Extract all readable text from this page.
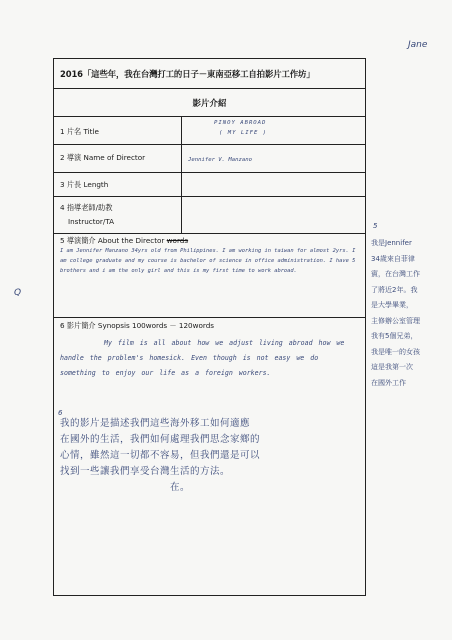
Jane
Q
2016「這些年，我在台灣打工的日子－東南亞移工自拍影片工作坊」
影片介紹
1 片名 Title
PINOY ABROAD
( MY LIFE )
2 導演 Name of Director	Jennifer V. Manzano
3 片長 Length
4 指導老師/助教
Instructor/TA
5 導演簡介 About the Director words
I am Jennifer Manzano 34yrs old from Philippines. I am working in taiwan for almost 2yrs. I am college graduate and my course is bachelor of science in office administration. I have 5 brothers and i am the only girl and this is my first time to work abroad.
6 影片簡介 Synopsis 100words － 120words
My film is all about how we adjust living abroad how we handle the problem's homesick. Even though is not easy we do something to enjoy our life as a foreign workers.
6
我的影片是描述我們這些海外移工如何適應
在國外的生活，我們如何處理我們思念家鄉的
心情，雖然這一切都不容易，但我們還是可以
找到一些讓我們享受台灣生活的方法。
在。
5
我是Jennifer
34歲來自菲律
賓，在台灣工作
了將近2年。我
是大學畢業，
主修辦公室管理
我有5個兄弟，
我是唯一的女孩
這是我第一次
在國外工作
